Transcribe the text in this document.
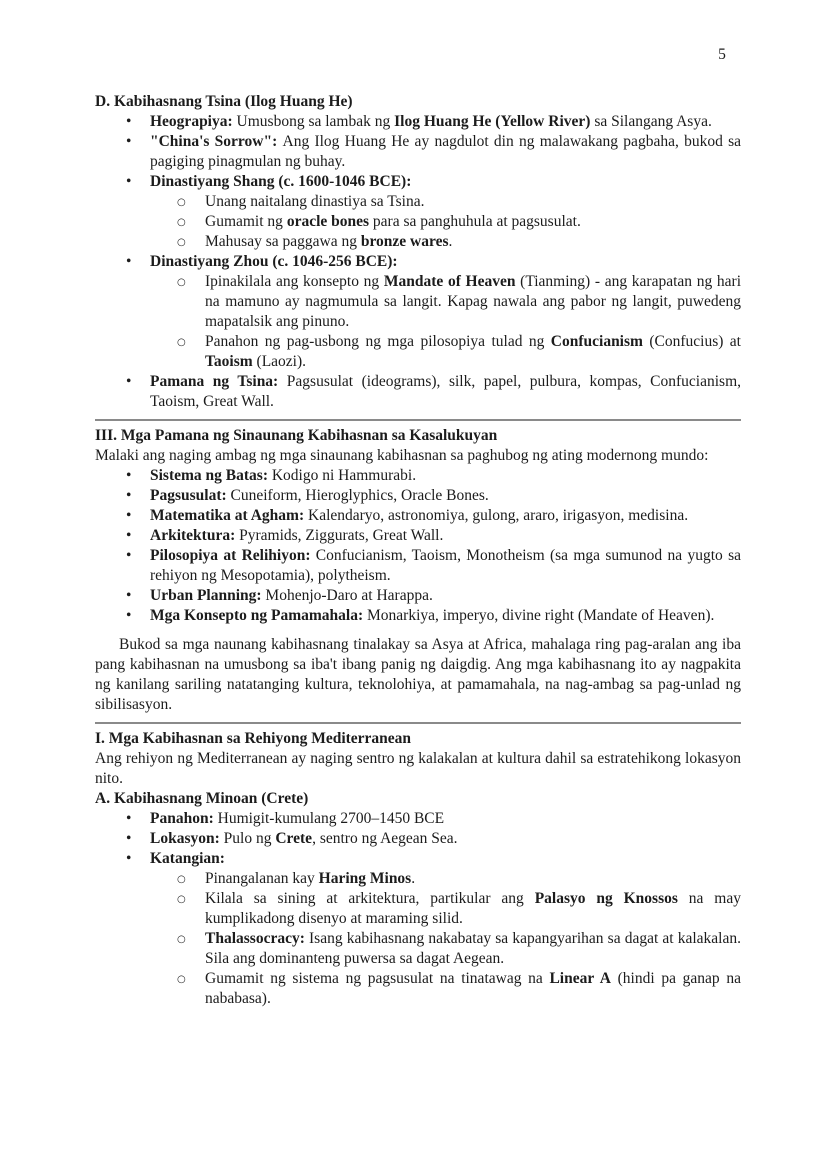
5
D. Kabihasnang Tsina (Ilog Huang He)
• Heograpiya: Umusbong sa lambak ng Ilog Huang He (Yellow River) sa Silangang Asya.
• "China's Sorrow": Ang Ilog Huang He ay nagdulot din ng malawakang pagbaha, bukod sa pagiging pinagmulan ng buhay.
• Dinastiyang Shang (c. 1600-1046 BCE):
○ Unang naitalang dinastiya sa Tsina.
○ Gumamit ng oracle bones para sa panghuhula at pagsusulat.
○ Mahusay sa paggawa ng bronze wares.
• Dinastiyang Zhou (c. 1046-256 BCE):
○ Ipinakilala ang konsepto ng Mandate of Heaven (Tianming) - ang karapatan ng hari na mamuno ay nagmumula sa langit. Kapag nawala ang pabor ng langit, puwedeng mapatalsik ang pinuno.
○ Panahon ng pag-usbong ng mga pilosopiya tulad ng Confucianism (Confucius) at Taoism (Laozi).
• Pamana ng Tsina: Pagsusulat (ideograms), silk, papel, pulbura, kompas, Confucianism, Taoism, Great Wall.
III. Mga Pamana ng Sinaunang Kabihasnan sa Kasalukuyan
Malaki ang naging ambag ng mga sinaunang kabihasnan sa paghubog ng ating modernong mundo:
• Sistema ng Batas: Kodigo ni Hammurabi.
• Pagsusulat: Cuneiform, Hieroglyphics, Oracle Bones.
• Matematika at Agham: Kalendaryo, astronomiya, gulong, araro, irigasyon, medisina.
• Arkitektura: Pyramids, Ziggurats, Great Wall.
• Pilosopiya at Relihiyon: Confucianism, Taoism, Monotheism (sa mga sumunod na yugto sa rehiyon ng Mesopotamia), polytheism.
• Urban Planning: Mohenjo-Daro at Harappa.
• Mga Konsepto ng Pamamahala: Monarkiya, imperyo, divine right (Mandate of Heaven).
Bukod sa mga naunang kabihasnang tinalakay sa Asya at Africa, mahalaga ring pag-aralan ang iba pang kabihasnan na umusbong sa iba't ibang panig ng daigdig. Ang mga kabihasnang ito ay nagpakita ng kanilang sariling natatanging kultura, teknolohiya, at pamamahala, na nag-ambag sa pag-unlad ng sibilisasyon.
I. Mga Kabihasnan sa Rehiyong Mediterranean
Ang rehiyon ng Mediterranean ay naging sentro ng kalakalan at kultura dahil sa estratehikong lokasyon nito.
A. Kabihasnang Minoan (Crete)
• Panahon: Humigit-kumulang 2700–1450 BCE
• Lokasyon: Pulo ng Crete, sentro ng Aegean Sea.
• Katangian:
○ Pinangalanan kay Haring Minos.
○ Kilala sa sining at arkitektura, partikular ang Palasyo ng Knossos na may kumplikadong disenyo at maraming silid.
○ Thalassocracy: Isang kabihasnang nakabatay sa kapangyarihan sa dagat at kalakalan. Sila ang dominanteng puwersa sa dagat Aegean.
○ Gumamit ng sistema ng pagsusulat na tinatawag na Linear A (hindi pa ganap na nababasa).
